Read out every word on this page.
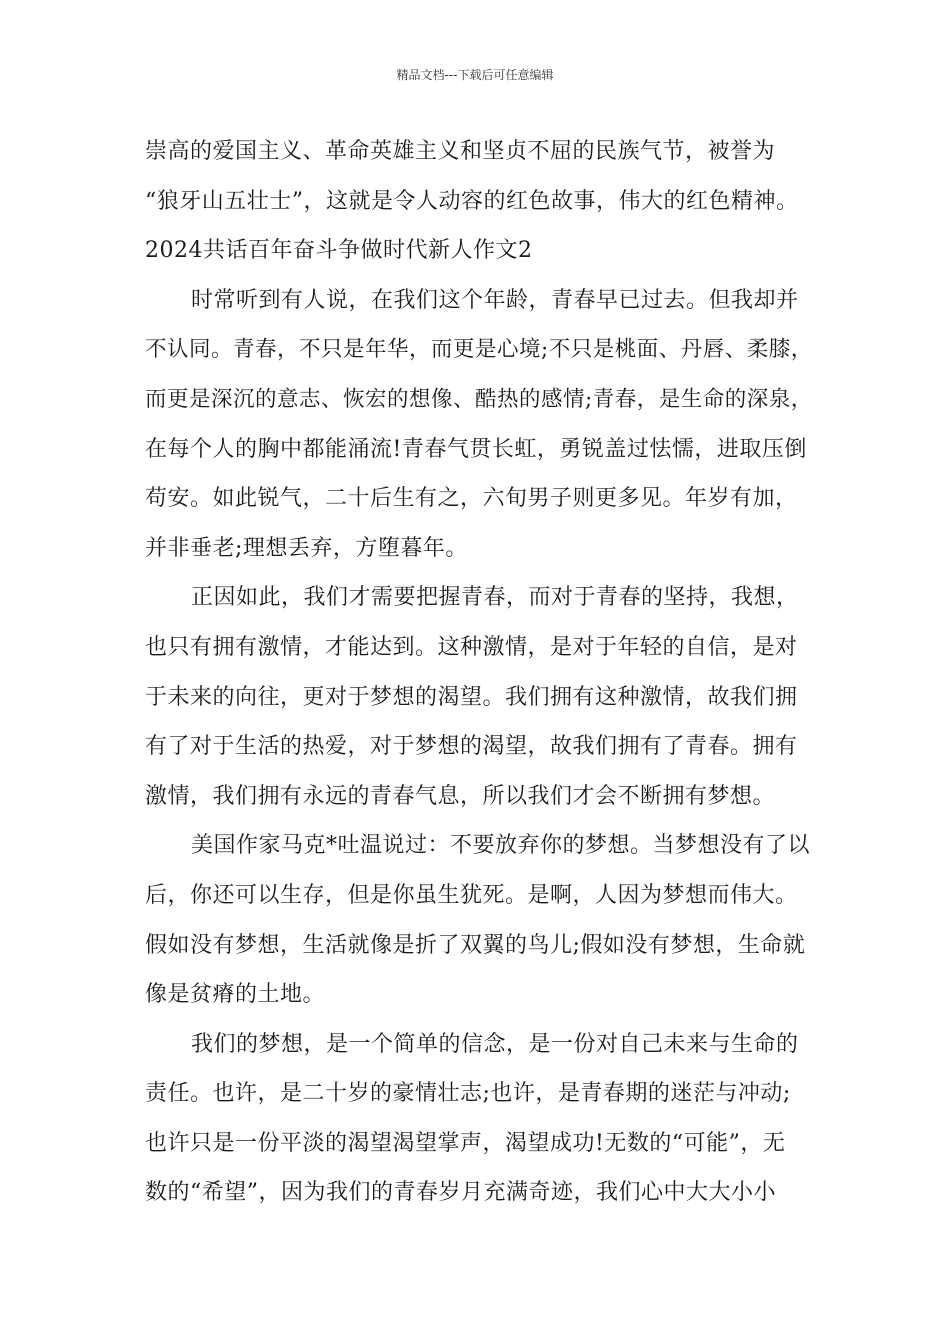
精品文档---下载后可任意编辑
崇高的爱国主义、革命英雄主义和坚贞不屈的民族气节，被誉为
“狼牙山五壮士”，这就是令人动容的红色故事，伟大的红色精神。
2024共话百年奋斗争做时代新人作文2
时常听到有人说，在我们这个年龄，青春早已过去。但我却并
不认同。青春，不只是年华，而更是心境;不只是桃面、丹唇、柔膝，
而更是深沉的意志、恢宏的想像、酷热的感情;青春，是生命的深泉，
在每个人的胸中都能涌流!青春气贯长虹，勇锐盖过怯懦，进取压倒
苟安。如此锐气，二十后生有之，六旬男子则更多见。年岁有加，
并非垂老;理想丢弃，方堕暮年。
正因如此，我们才需要把握青春，而对于青春的坚持，我想，
也只有拥有激情，才能达到。这种激情，是对于年轻的自信，是对
于未来的向往，更对于梦想的渴望。我们拥有这种激情，故我们拥
有了对于生活的热爱，对于梦想的渴望，故我们拥有了青春。拥有
激情，我们拥有永远的青春气息，所以我们才会不断拥有梦想。
美国作家马克*吐温说过：不要放弃你的梦想。当梦想没有了以
后，你还可以生存，但是你虽生犹死。是啊，人因为梦想而伟大。
假如没有梦想，生活就像是折了双翼的鸟儿;假如没有梦想，生命就
像是贫瘠的土地。
我们的梦想，是一个简单的信念，是一份对自己未来与生命的
责任。也许，是二十岁的豪情壮志;也许，是青春期的迷茫与冲动;
也许只是一份平淡的渴望渴望掌声，渴望成功!无数的“可能”，无
数的“希望”，因为我们的青春岁月充满奇迹，我们心中大大小小
